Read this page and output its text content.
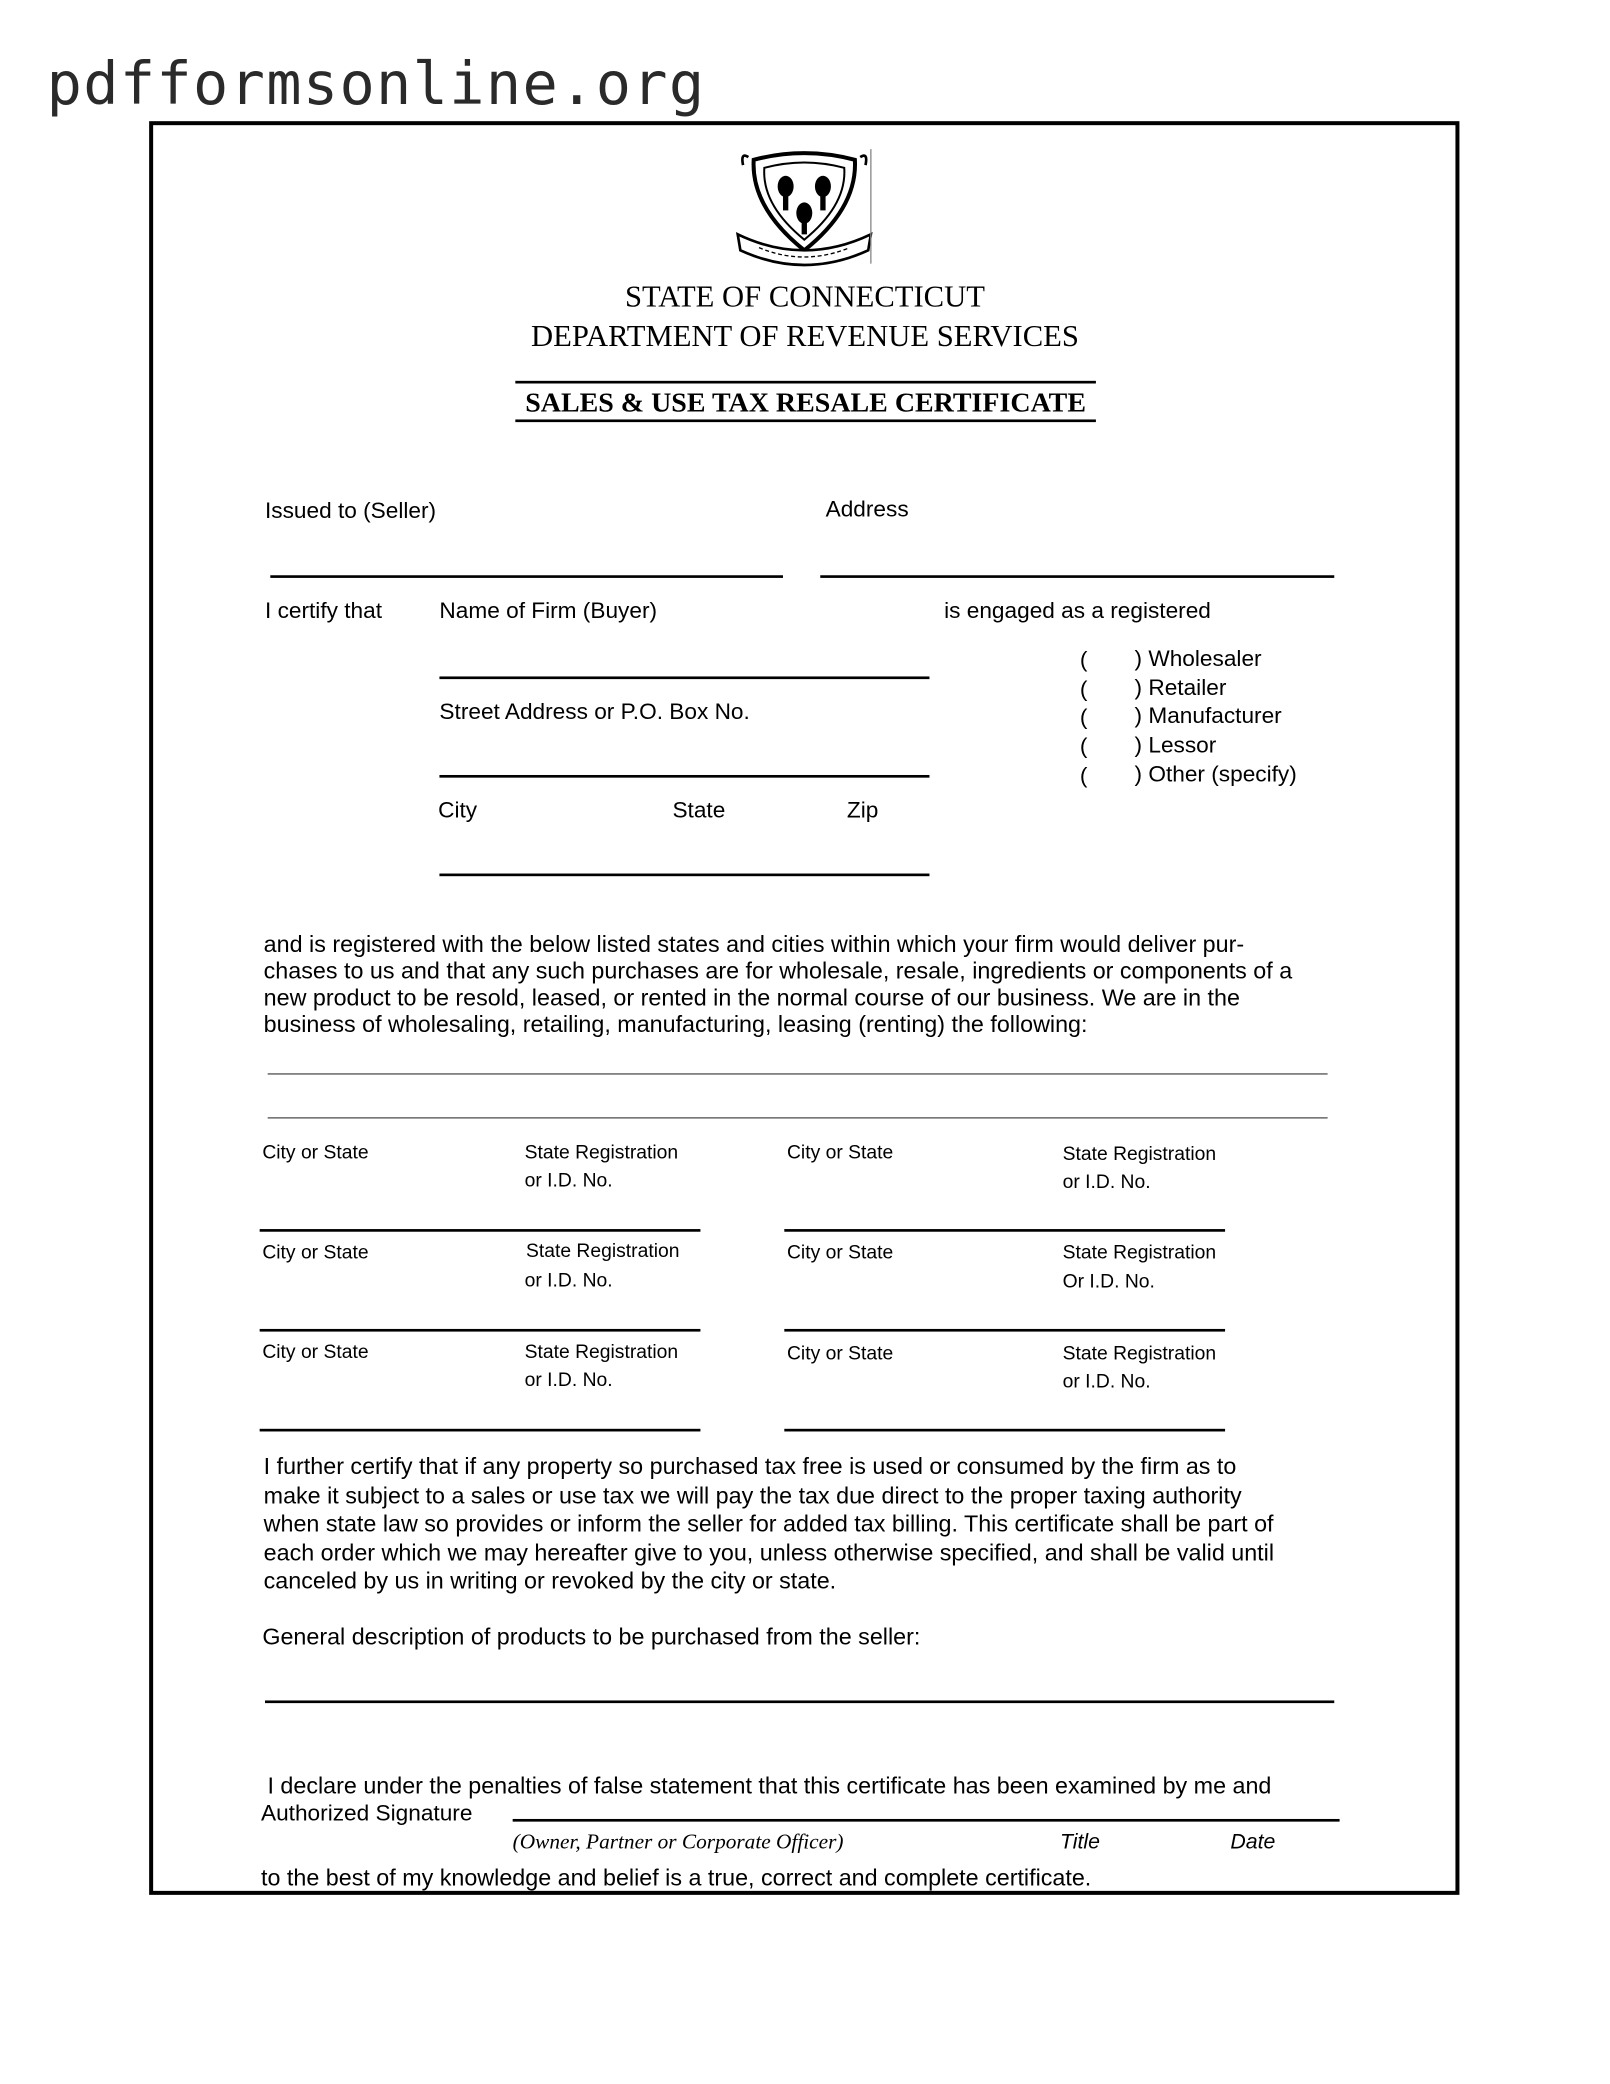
pdfformsonline.org
STATE OF CONNECTICUT
DEPARTMENT OF REVENUE SERVICES
SALES & USE TAX RESALE CERTIFICATE
Issued to (Seller)	Address
I certify that	Name of Firm (Buyer)	is engaged as a registered
Street Address or P.O. Box No.
City	State	Zip
(	) Wholesaler
(	) Retailer
(	) Manufacturer
(	) Lessor
(	) Other (specify)
and is registered with the below listed states and cities within which your firm would deliver pur-
chases to us and that any such purchases are for wholesale, resale, ingredients or components of a
new product to be resold, leased, or rented in the normal course of our business. We are in the
business of wholesaling, retailing, manufacturing, leasing (renting) the following:
City or State	State Registration
or I.D. No.
City or State	State Registration
or I.D. No.
City or State	State Registration
or I.D. No.
City or State	State Registration
or I.D. No.
City or State	State Registration
Or I.D. No.
City or State	State Registration
or I.D. No.
I further certify that if any property so purchased tax free is used or consumed by the firm as to
make it subject to a sales or use tax we will pay the tax due direct to the proper taxing authority
when state law so provides or inform the seller for added tax billing. This certificate shall be part of
each order which we may hereafter give to you, unless otherwise specified, and shall be valid until
canceled by us in writing or revoked by the city or state.
General description of products to be purchased from the seller:

I declare under the penalties of false statement that this certificate has been examined by me and

to the best of my knowledge and belief is a true, correct and complete certificate.

Authorized Signature
(Owner, Partner or Corporate Officer)	Title	Date
